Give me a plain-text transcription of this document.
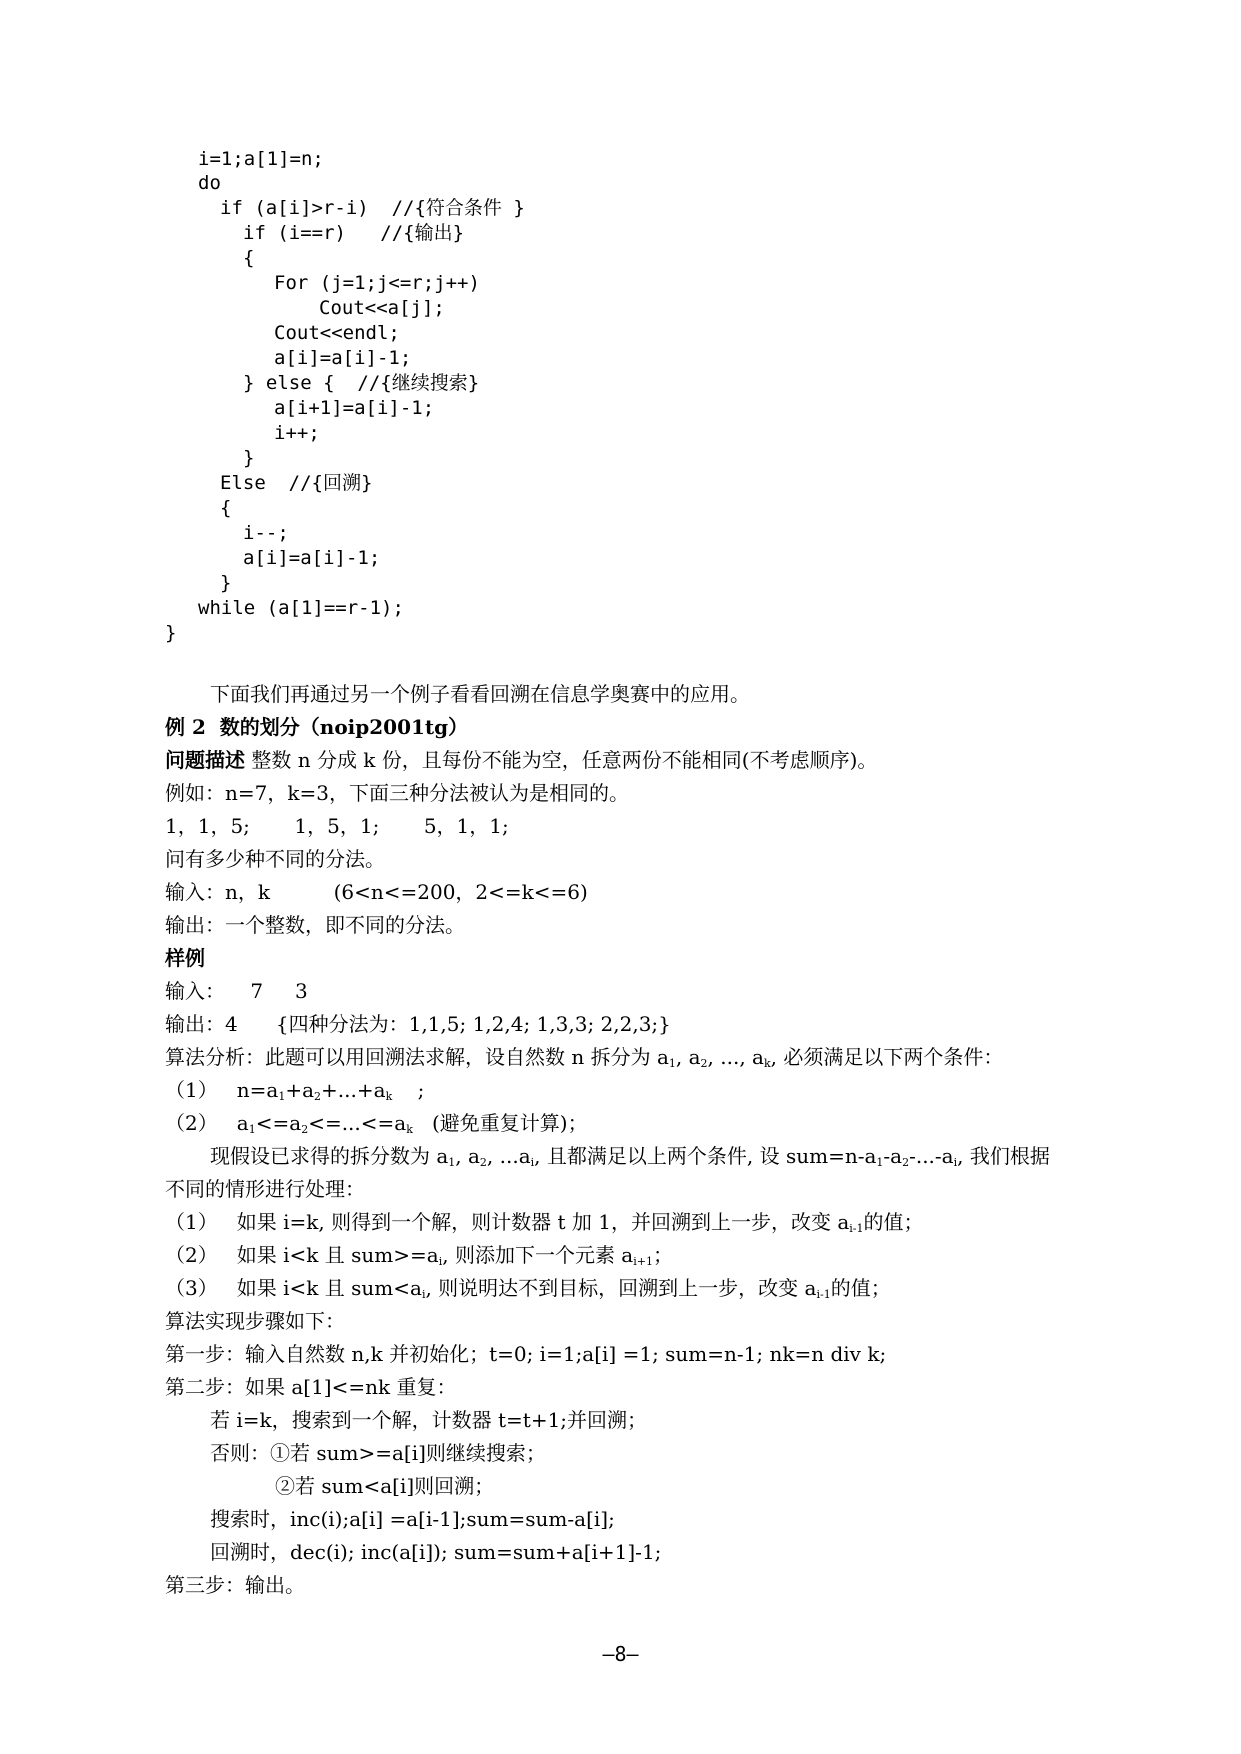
i=1;a[1]=n;
do
if (a[i]>r-i)  //{符合条件 }
if (i==r)   //{输出}
{
For (j=1;j<=r;j++)
Cout<<a[j];
Cout<<endl;
a[i]=a[i]-1;
} else {  //{继续搜索}
a[i+1]=a[i]-1;
i++;
}
Else  //{回溯}
{
i--;
a[i]=a[i]-1;
}
while (a[1]==r-1);
}
下面我们再通过另一个例子看看回溯在信息学奥赛中的应用。
例 2  数的划分（noip2001tg）
问题描述 整数 n 分成 k 份，且每份不能为空，任意两份不能相同(不考虑顺序)。
例如：n=7，k=3，下面三种分法被认为是相同的。
1，1，5;       1，5，1;       5，1，1;
问有多少种不同的分法。
输入：n，k          (6<n<=200，2<=k<=6)
输出：一个整数，即不同的分法。
样例
输入：    7     3
输出：4      {四种分法为：1,1,5; 1,2,4; 1,3,3; 2,2,3;}
算法分析：此题可以用回溯法求解，设自然数 n 拆分为 $a_1$, $a_2$, ..., $a_k$, 必须满足以下两个条件：
（1）   $n=a_1+a_2+...+a_k$    ;
（2）   $a_1<=a_2<=...<=a_k$   (避免重复计算)；
现假设已求得的拆分数为 $a_1$, $a_2$, $...a_i$, 且都满足以上两个条件, 设 $sum=n-a_1-a_2-...-a_i$, 我们根据
不同的情形进行处理：
（1）   如果 i=k, 则得到一个解，则计数器 t 加 1，并回溯到上一步，改变 $a_{i-1}$的值；
（2）   如果 i<k 且 $sum>=a_i$, 则添加下一个元素 $a_{i+1}$；
（3）   如果 i<k 且 $sum<a_i$, 则说明达不到目标，回溯到上一步，改变 $a_{i-1}$的值；
算法实现步骤如下：
第一步：输入自然数 n,k 并初始化；t=0; i=1;a[i] =1; sum=n-1; nk=n div k;
第二步：如果 a[1]<=nk 重复：
若 i=k，搜索到一个解，计数器 t=t+1;并回溯；
否则：①若 sum>=a[i]则继续搜索；
②若 sum<a[i]则回溯；
搜索时，inc(i);a[i] =a[i-1];sum=sum-a[i];
回溯时，dec(i); inc(a[i]); sum=sum+a[i+1]-1;
第三步：输出。
—8—
